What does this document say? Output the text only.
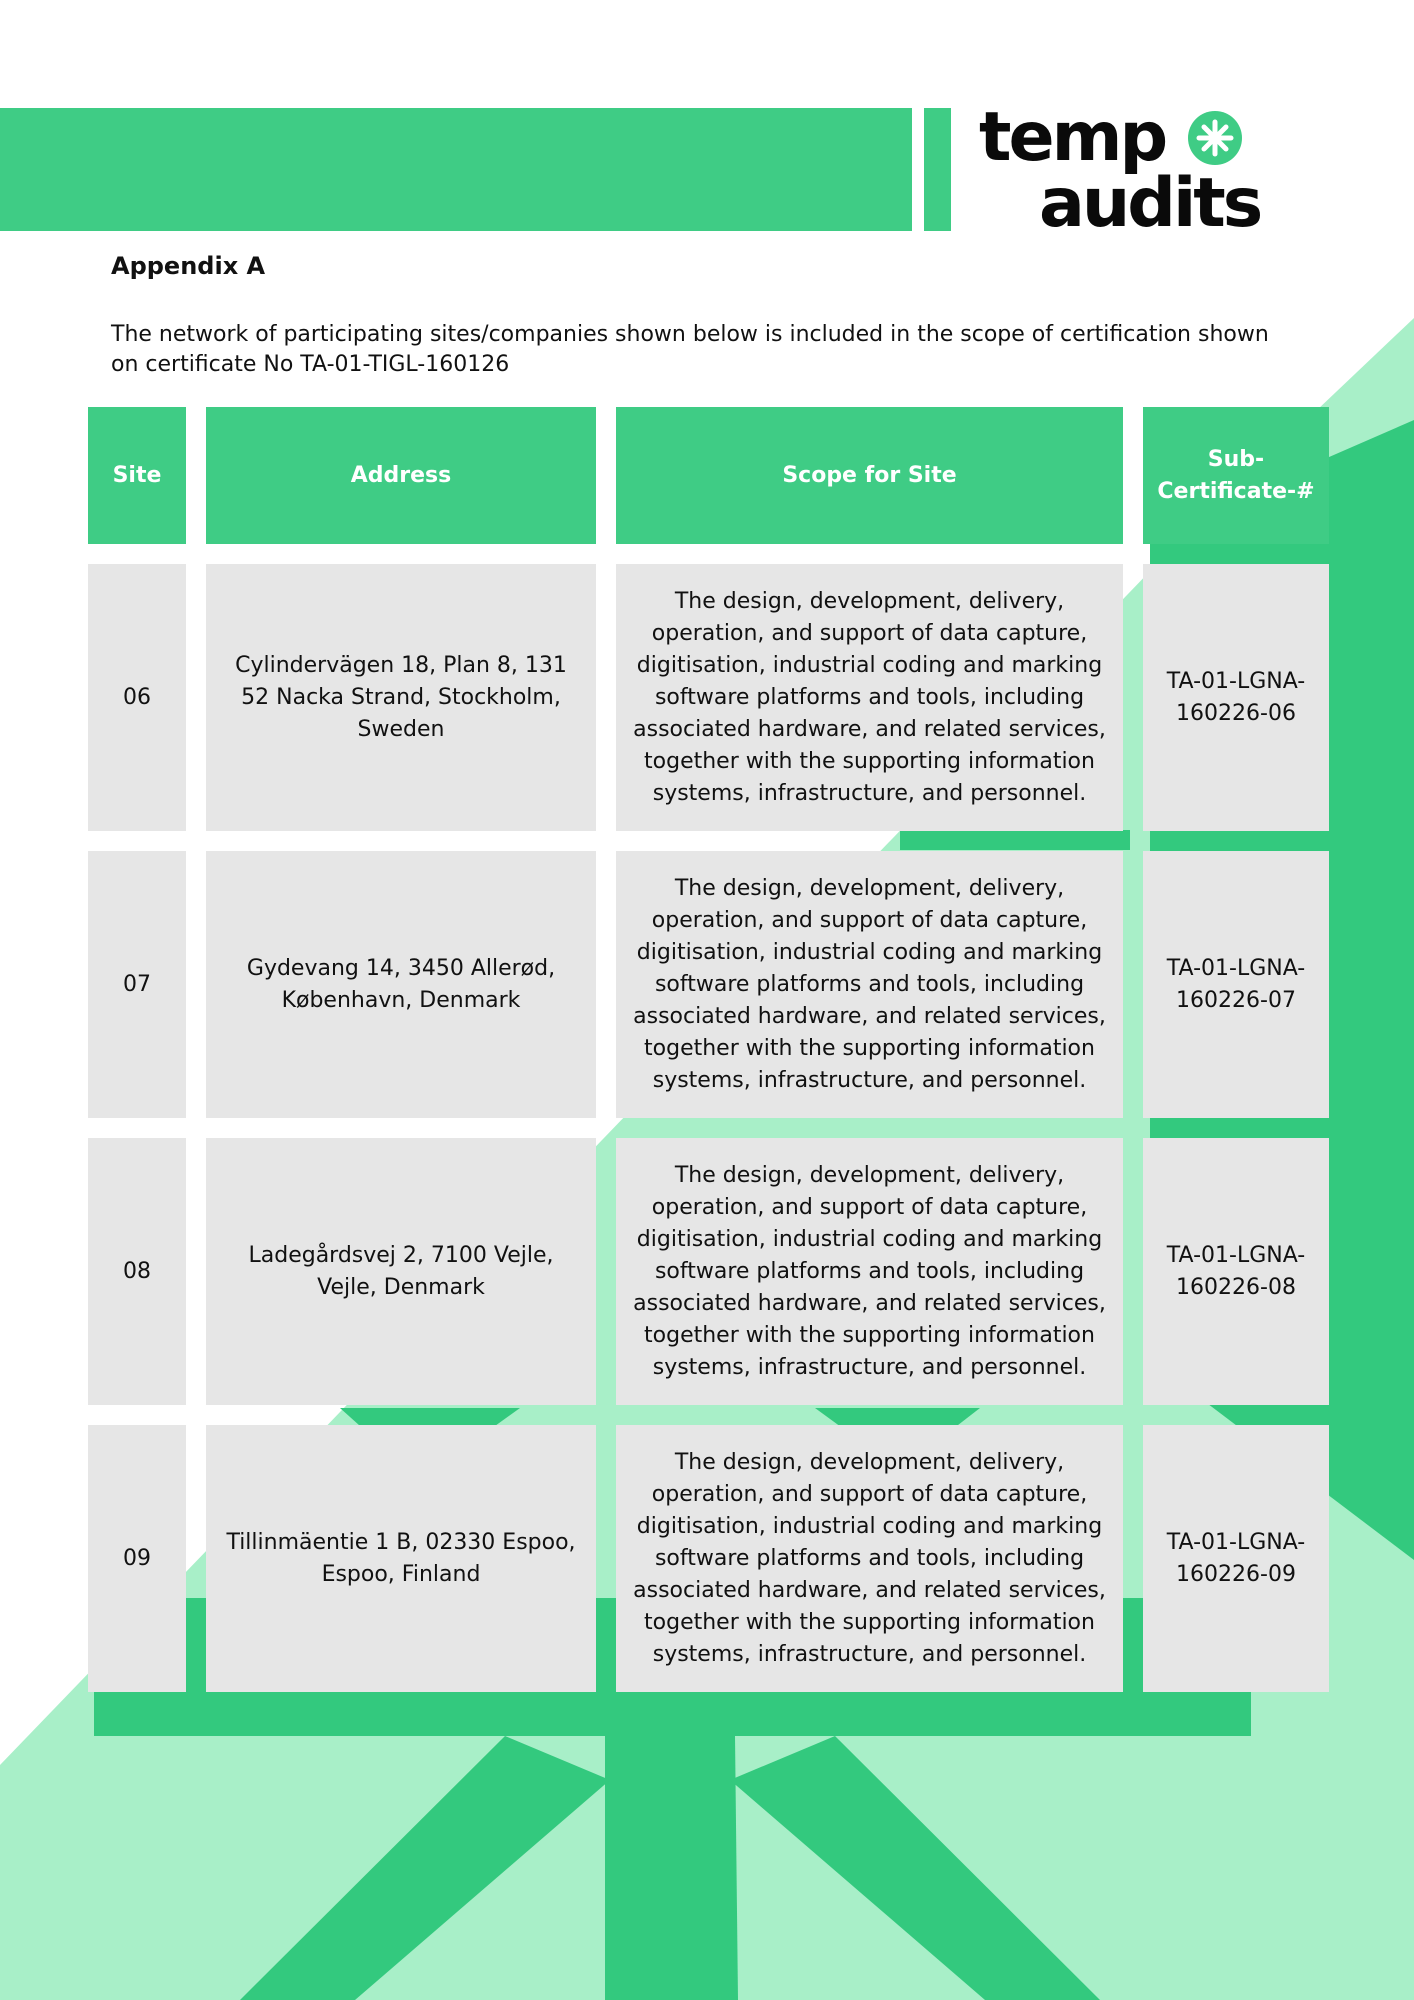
temp
audits
Appendix A

The network of participating sites/companies shown below is included in the scope of certification shown on certificate No TA-01-TIGL-160126

Site	Address	Scope for Site
Sub-Certificate-#
06
Cylindervägen 18, Plan 8, 131 52 Nacka Strand, Stockholm, Sweden
The design, development, delivery, operation, and support of data capture, digitisation, industrial coding and marking software platforms and tools, including associated hardware, and related services, together with the supporting information systems, infrastructure, and personnel.
TA-01-LGNA-160226-06
07
Gydevang 14, 3450 Allerød, København, Denmark
The design, development, delivery, operation, and support of data capture, digitisation, industrial coding and marking software platforms and tools, including associated hardware, and related services, together with the supporting information systems, infrastructure, and personnel.
TA-01-LGNA-160226-07
08
Ladegårdsvej 2, 7100 Vejle, Vejle, Denmark
The design, development, delivery, operation, and support of data capture, digitisation, industrial coding and marking software platforms and tools, including associated hardware, and related services, together with the supporting information systems, infrastructure, and personnel.
TA-01-LGNA-160226-08
09
Tillinmäentie 1 B, 02330 Espoo, Espoo, Finland
The design, development, delivery, operation, and support of data capture, digitisation, industrial coding and marking software platforms and tools, including associated hardware, and related services, together with the supporting information systems, infrastructure, and personnel.
TA-01-LGNA-160226-09
